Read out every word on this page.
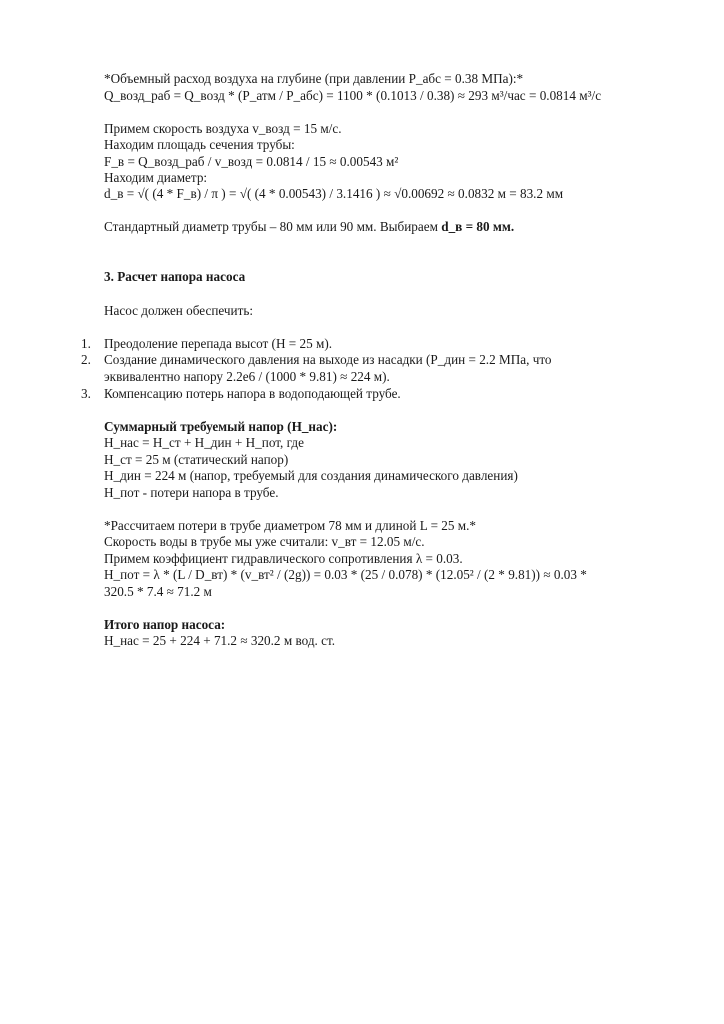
*Объемный расход воздуха на глубине (при давлении P_абс = 0.38 МПа):*
Q_возд_раб = Q_возд * (P_атм / P_абс) = 1100 * (0.1013 / 0.38) ≈ 293 м³/час = 0.0814 м³/с
Примем скорость воздуха v_возд = 15 м/с.
Находим площадь сечения трубы:
F_в = Q_возд_раб / v_возд = 0.0814 / 15 ≈ 0.00543 м²
Находим диаметр:
d_в = √( (4 * F_в) / π ) = √( (4 * 0.00543) / 3.1416 ) ≈ √0.00692 ≈ 0.0832 м = 83.2 мм
Стандартный диаметр трубы – 80 мм или 90 мм. Выбираем d_в = 80 мм.
3. Расчет напора насоса
Насос должен обеспечить:
1. Преодоление перепада высот (H = 25 м).
2. Создание динамического давления на выходе из насадки (P_дин = 2.2 МПа, что
эквивалентно напору 2.2е6 / (1000 * 9.81) ≈ 224 м).
3. Компенсацию потерь напора в водоподающей трубе.
Суммарный требуемый напор (H_нас):
H_нас = H_ст + H_дин + H_пот, где
H_ст = 25 м (статический напор)
H_дин = 224 м (напор, требуемый для создания динамического давления)
H_пот - потери напора в трубе.
*Рассчитаем потери в трубе диаметром 78 мм и длиной L = 25 м.*
Скорость воды в трубе мы уже считали: v_вт = 12.05 м/с.
Примем коэффициент гидравлического сопротивления λ = 0.03.
H_пот = λ * (L / D_вт) * (v_вт² / (2g)) = 0.03 * (25 / 0.078) * (12.05² / (2 * 9.81)) ≈ 0.03 *
320.5 * 7.4 ≈ 71.2 м
Итого напор насоса:
H_нас = 25 + 224 + 71.2 ≈ 320.2 м вод. ст.
